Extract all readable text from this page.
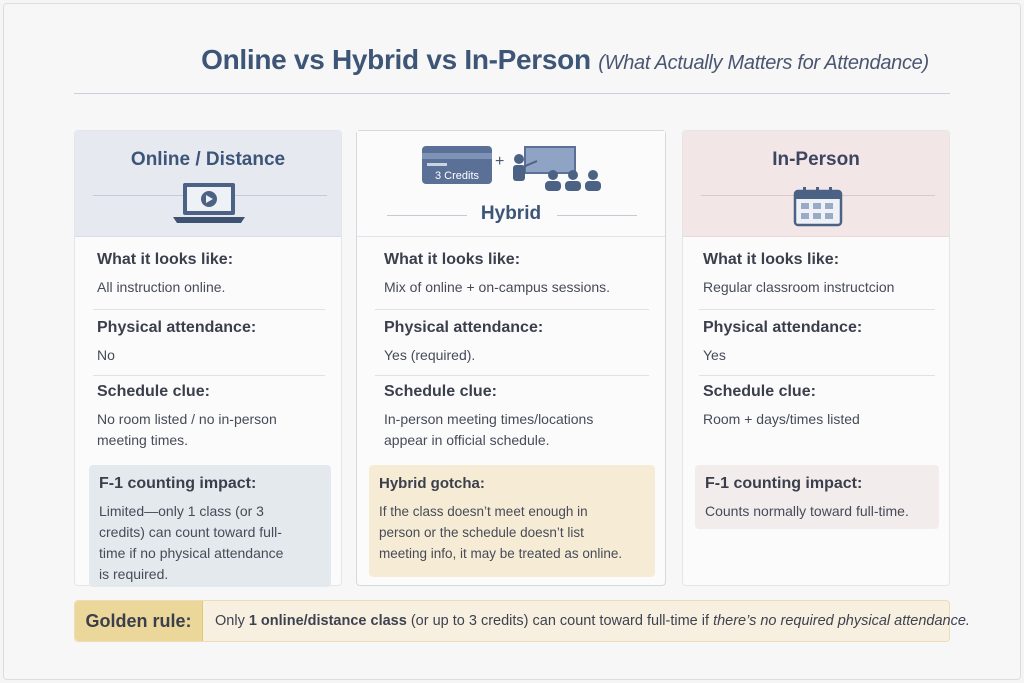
Online vs Hybrid vs In-Person (What Actually Matters for Attendance)
Online / Distance
What it looks like:
All instruction online.
Physical attendance:
No
Schedule clue:
No room listed / no in-person
meeting times.
F-1 counting impact:
Limited—only 1 class (or 3
credits) can count toward full-
time if no physical attendance
is required.
3 Credits
+
Hybrid
What it looks like:
Mix of online + on-campus sessions.
Physical attendance:
Yes (required).
Schedule clue:
In-person meeting times/locations
appear in official schedule.
Hybrid gotcha:
If the class doesn’t meet enough in
person or the schedule doesn’t list
meeting info, it may be treated as online.
In-Person
What it looks like:
Regular classroom instructcion
Physical attendance:
Yes
Schedule clue:
Room + days/times listed
F-1 counting impact:
Counts normally toward full-time.
Golden rule:	Only 1 online/distance class (or up to 3 credits) can count toward full-time if there’s no required physical attendance.
